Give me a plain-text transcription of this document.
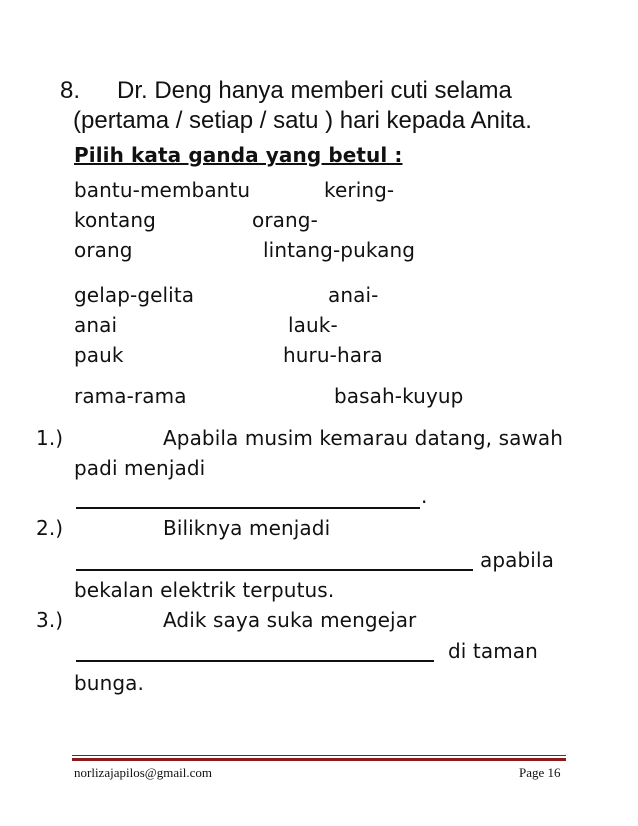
8. Dr. Deng hanya memberi cuti selama
(pertama / setiap / satu ) hari kepada Anita.
Pilih kata ganda yang betul :
bantu-membantu	kering-
kontang	orang-
orang	lintang-pukang
gelap-gelita	anai-
anai	lauk-
pauk	huru-hara
rama-rama	basah-kuyup
1.)	Apabila musim kemarau datang, sawah
padi menjadi
.
2.)	Biliknya menjadi
apabila
bekalan elektrik terputus.
3.)	Adik saya suka mengejar
di taman
bunga.
norlizajapilos@gmail.com	Page 16
